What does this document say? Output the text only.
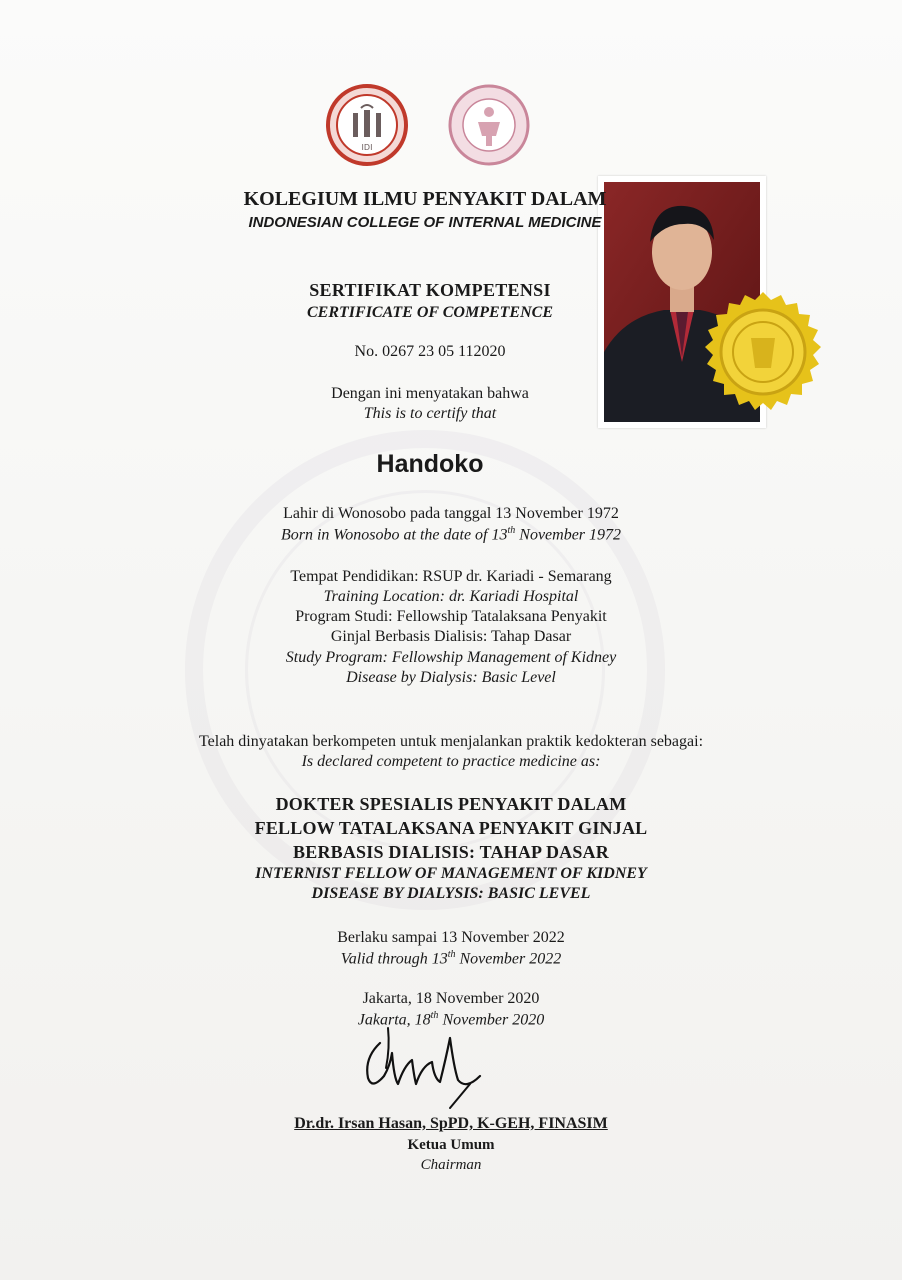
IDI
KOLEGIUM ILMU PENYAKIT DALAM
INDONESIAN COLLEGE OF INTERNAL MEDICINE
SERTIFIKAT KOMPETENSI
CERTIFICATE OF COMPETENCE
No. 0267 23 05 112020
Dengan ini menyatakan bahwa
This is to certify that
Handoko
Lahir di Wonosobo pada tanggal 13 November 1972
Born in Wonosobo at the date of 13th November 1972
Tempat Pendidikan: RSUP dr. Kariadi - Semarang
Training Location: dr. Kariadi Hospital
Program Studi: Fellowship Tatalaksana Penyakit
Ginjal Berbasis Dialisis: Tahap Dasar
Study Program: Fellowship Management of Kidney
Disease by Dialysis: Basic Level
Telah dinyatakan berkompeten untuk menjalankan praktik kedokteran sebagai:
Is declared competent to practice medicine as:
DOKTER SPESIALIS PENYAKIT DALAM
FELLOW TATALAKSANA PENYAKIT GINJAL
BERBASIS DIALISIS: TAHAP DASAR
INTERNIST FELLOW OF MANAGEMENT OF KIDNEY
DISEASE BY DIALYSIS: BASIC LEVEL
Berlaku sampai 13 November 2022
Valid through 13th November 2022
Jakarta, 18 November 2020
Jakarta, 18th November 2020
Dr.dr. Irsan Hasan, SpPD, K-GEH, FINASIM
Ketua Umum
Chairman
